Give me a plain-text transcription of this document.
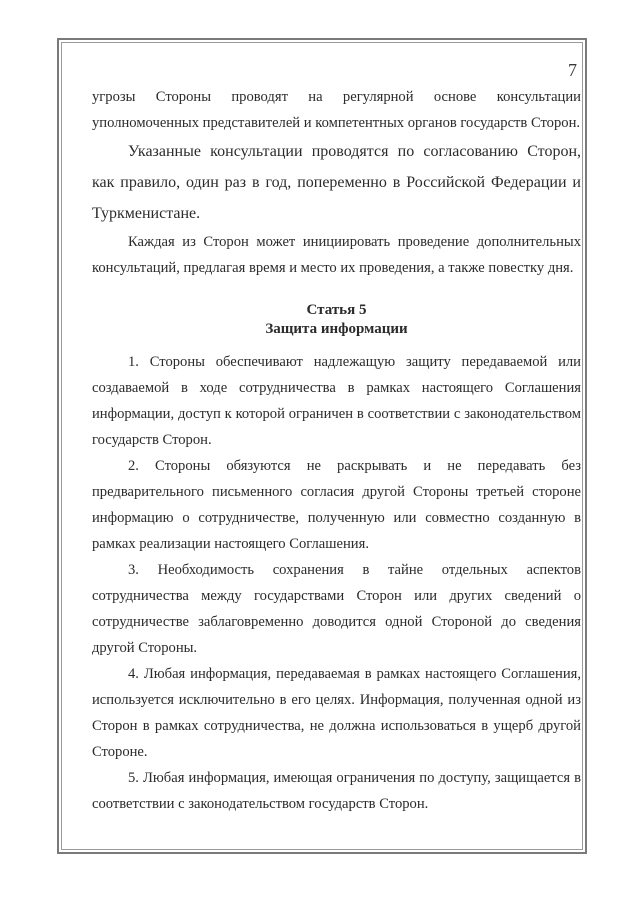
7

угрозы Стороны проводят на регулярной основе консультации уполномоченных представителей и компетентных органов государств Сторон.

Указанные консультации проводятся по согласованию Сторон, как правило, один раз в год, попеременно в Российской Федерации и Туркменистане.

Каждая из Сторон может инициировать проведение дополнительных консультаций, предлагая время и место их проведения, а также повестку дня.

Статья 5
Защита информации

1. Стороны обеспечивают надлежащую защиту передаваемой или создаваемой в ходе сотрудничества в рамках настоящего Соглашения информации, доступ к которой ограничен в соответствии с законодательством государств Сторон.

2. Стороны обязуются не раскрывать и не передавать без предварительного письменного согласия другой Стороны третьей стороне информацию о сотрудничестве, полученную или совместно созданную в рамках реализации настоящего Соглашения.

3. Необходимость сохранения в тайне отдельных аспектов сотрудничества между государствами Сторон или других сведений о сотрудничестве заблаговременно доводится одной Стороной до сведения другой Стороны.

4. Любая информация, передаваемая в рамках настоящего Соглашения, используется исключительно в его целях. Информация, полученная одной из Сторон в рамках сотрудничества, не должна использоваться в ущерб другой Стороне.

5. Любая информация, имеющая ограничения по доступу, защищается в соответствии с законодательством государств Сторон.
